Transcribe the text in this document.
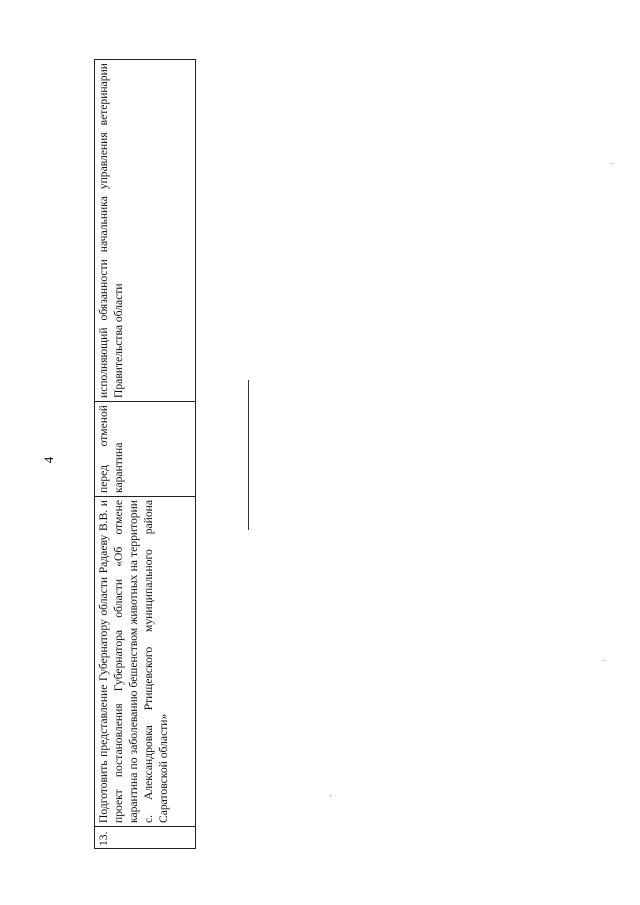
4
13.	Подготовить представление Губернатору области Радаеву В.В. и проект постановления Губернатора области «Об отмене карантина по заболеванию бешенством животных на территории с. Александровка Ртищевского муниципального района Саратовской области»	перед отменой карантина	исполняющий обязанности начальника управления ветеринарии Правительства области
